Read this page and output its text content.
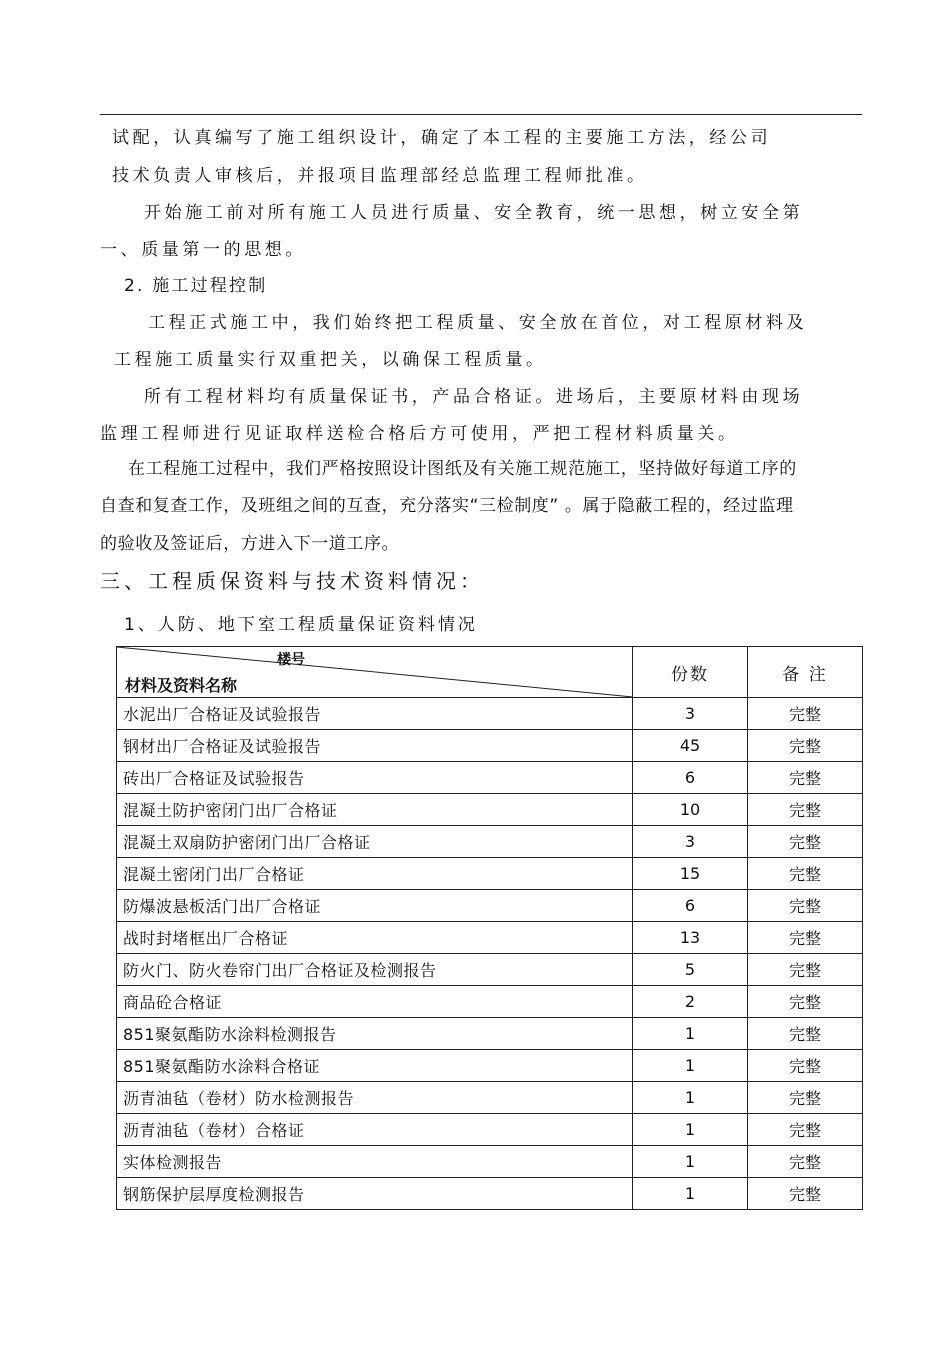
试配，认真编写了施工组织设计，确定了本工程的主要施工方法，经公司
技术负责人审核后，并报项目监理部经总监理工程师批准。
开始施工前对所有施工人员进行质量、安全教育，统一思想，树立安全第
一、质量第一的思想。
2. 施工过程控制
工程正式施工中，我们始终把工程质量、安全放在首位，对工程原材料及
工程施工质量实行双重把关，以确保工程质量。
所有工程材料均有质量保证书，产品合格证。进场后，主要原材料由现场
监理工程师进行见证取样送检合格后方可使用，严把工程材料质量关。
在工程施工过程中，我们严格按照设计图纸及有关施工规范施工，坚持做好每道工序的
自查和复查工作，及班组之间的互查，充分落实“三检制度” 。属于隐蔽工程的，经过监理
的验收及签证后，方进入下一道工序。
三、工程质保资料与技术资料情况：
1、人防、地下室工程质量保证资料情况
楼号
材料及资料名称	份数	备 注
水泥出厂合格证及试验报告	3	完整
钢材出厂合格证及试验报告	45	完整
砖出厂合格证及试验报告	6	完整
混凝土防护密闭门出厂合格证	10	完整
混凝土双扇防护密闭门出厂合格证	3	完整
混凝土密闭门出厂合格证	15	完整
防爆波悬板活门出厂合格证	6	完整
战时封堵框出厂合格证	13	完整
防火门、防火卷帘门出厂合格证及检测报告	5	完整
商品砼合格证	2	完整
851聚氨酯防水涂料检测报告	1	完整
851聚氨酯防水涂料合格证	1	完整
沥青油毡（卷材）防水检测报告	1	完整
沥青油毡（卷材）合格证	1	完整
实体检测报告	1	完整
钢筋保护层厚度检测报告	1	完整
